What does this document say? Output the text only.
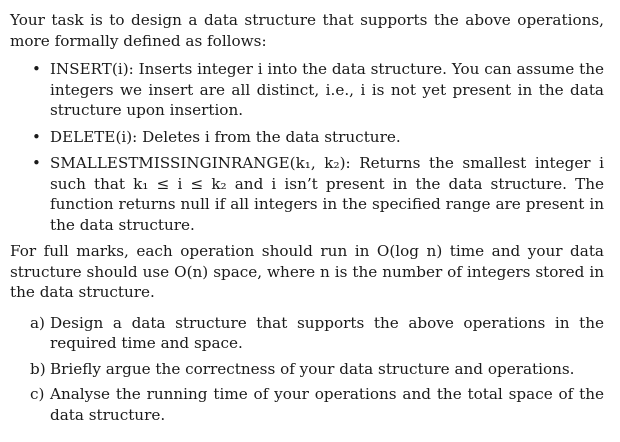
Your task is to design a data structure that supports the above operations, more formally defined as follows:

• INSERT(i): Inserts integer i into the data structure. You can assume the integers we insert are all distinct, i.e., i is not yet present in the data structure upon insertion.
• DELETE(i): Deletes i from the data structure.
• SMALLESTMISSINGINRANGE(k₁, k₂): Returns the smallest integer i such that k₁ ≤ i ≤ k₂ and i isn’t present in the data structure. The function returns null if all integers in the specified range are present in the data structure.

For full marks, each operation should run in O(log n) time and your data structure should use O(n) space, where n is the number of integers stored in the data structure.

a) Design a data structure that supports the above operations in the required time and space.
b) Briefly argue the correctness of your data structure and operations.
c) Analyse the running time of your operations and the total space of the data structure.
